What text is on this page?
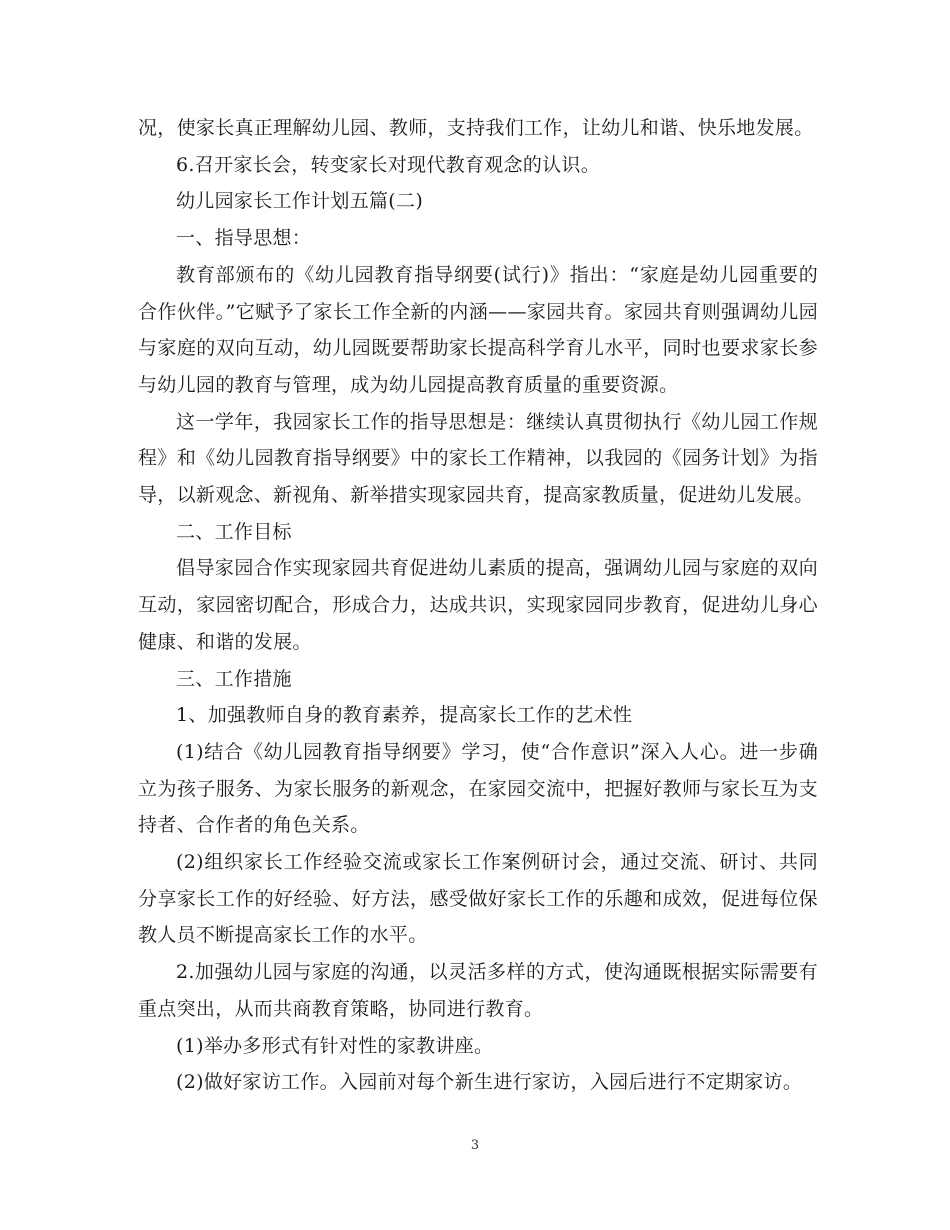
况，使家长真正理解幼儿园、教师，支持我们工作，让幼儿和谐、快乐地发展。

6.召开家长会，转变家长对现代教育观念的认识。

幼儿园家长工作计划五篇(二)

一、指导思想：

教育部颁布的《幼儿园教育指导纲要(试行)》指出：“家庭是幼儿园重要的合作伙伴。”它赋予了家长工作全新的内涵——家园共育。家园共育则强调幼儿园与家庭的双向互动，幼儿园既要帮助家长提高科学育儿水平，同时也要求家长参与幼儿园的教育与管理，成为幼儿园提高教育质量的重要资源。

这一学年，我园家长工作的指导思想是：继续认真贯彻执行《幼儿园工作规程》和《幼儿园教育指导纲要》中的家长工作精神，以我园的《园务计划》为指导，以新观念、新视角、新举措实现家园共育，提高家教质量，促进幼儿发展。

二、工作目标

倡导家园合作实现家园共育促进幼儿素质的提高，强调幼儿园与家庭的双向互动，家园密切配合，形成合力，达成共识，实现家园同步教育，促进幼儿身心健康、和谐的发展。

三、工作措施

1、加强教师自身的教育素养，提高家长工作的艺术性

(1)结合《幼儿园教育指导纲要》学习，使“合作意识”深入人心。进一步确立为孩子服务、为家长服务的新观念，在家园交流中，把握好教师与家长互为支持者、合作者的角色关系。

(2)组织家长工作经验交流或家长工作案例研讨会，通过交流、研讨、共同分享家长工作的好经验、好方法，感受做好家长工作的乐趣和成效，促进每位保教人员不断提高家长工作的水平。

2.加强幼儿园与家庭的沟通，以灵活多样的方式，使沟通既根据实际需要有重点突出，从而共商教育策略，协同进行教育。

(1)举办多形式有针对性的家教讲座。

(2)做好家访工作。入园前对每个新生进行家访，入园后进行不定期家访。

3
